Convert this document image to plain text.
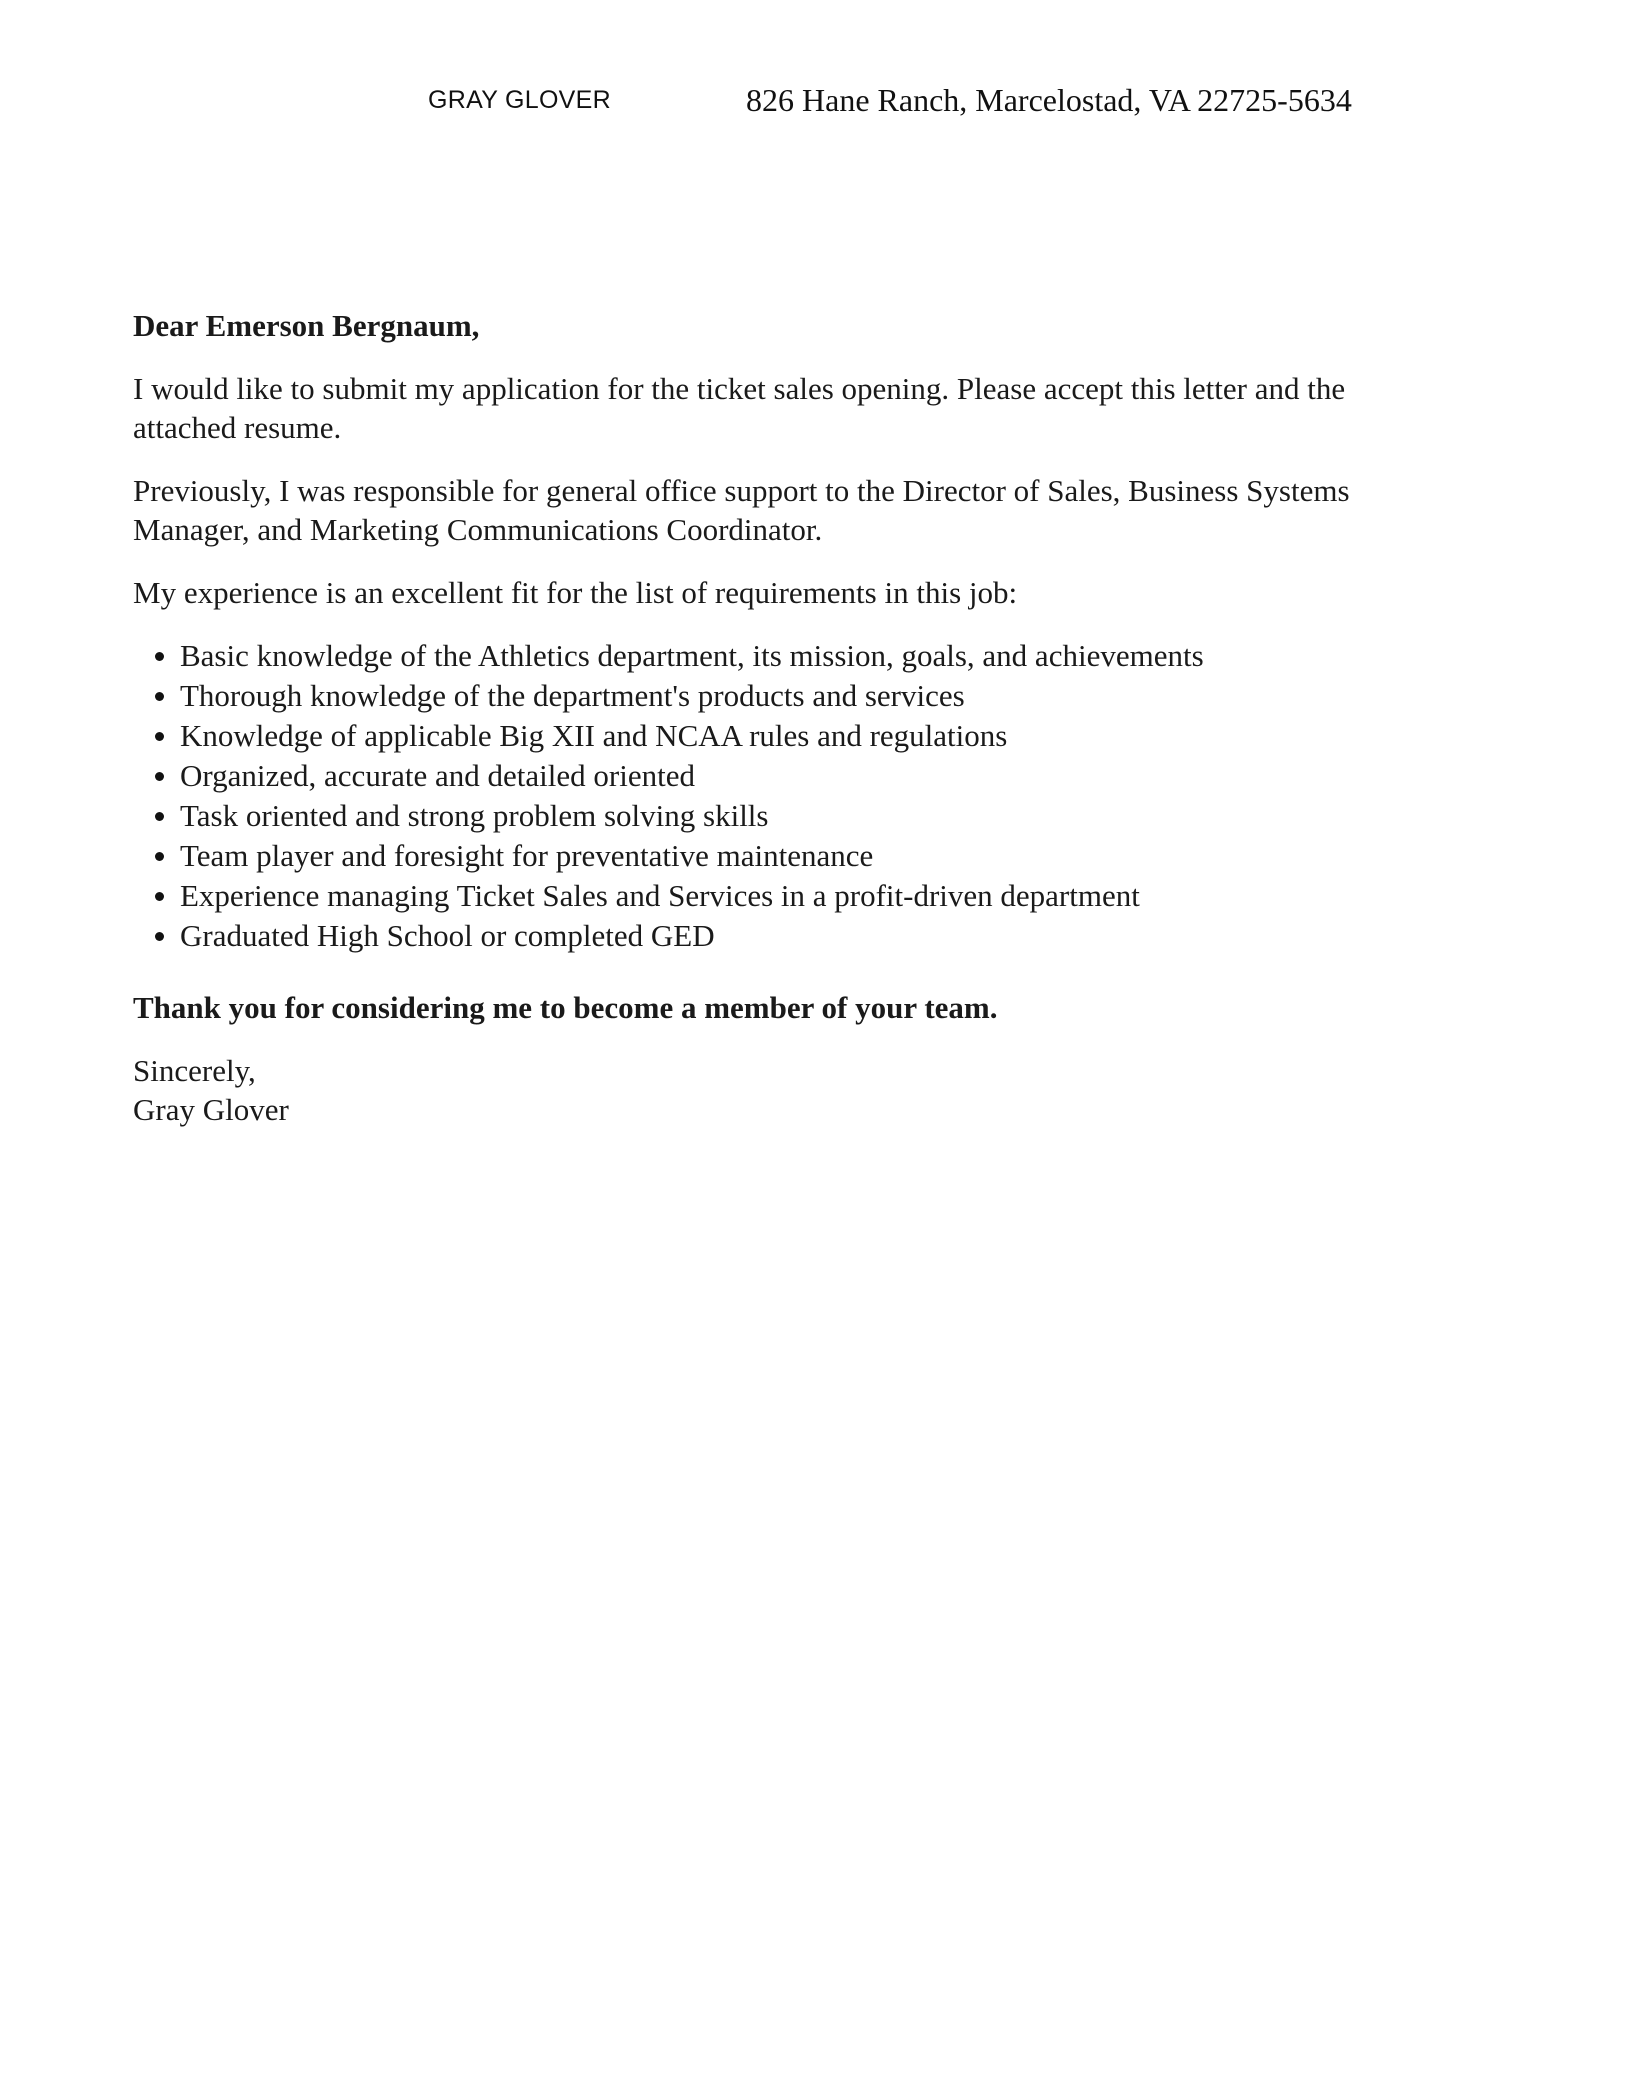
GRAY GLOVER	826 Hane Ranch, Marcelostad, VA 22725-5634

Dear Emerson Bergnaum,

I would like to submit my application for the ticket sales opening. Please accept this letter and the attached resume.

Previously, I was responsible for general office support to the Director of Sales, Business Systems Manager, and Marketing Communications Coordinator.

My experience is an excellent fit for the list of requirements in this job:

Basic knowledge of the Athletics department, its mission, goals, and achievements
Thorough knowledge of the department's products and services
Knowledge of applicable Big XII and NCAA rules and regulations
Organized, accurate and detailed oriented
Task oriented and strong problem solving skills
Team player and foresight for preventative maintenance
Experience managing Ticket Sales and Services in a profit-driven department
Graduated High School or completed GED

Thank you for considering me to become a member of your team.

Sincerely,

Gray Glover
